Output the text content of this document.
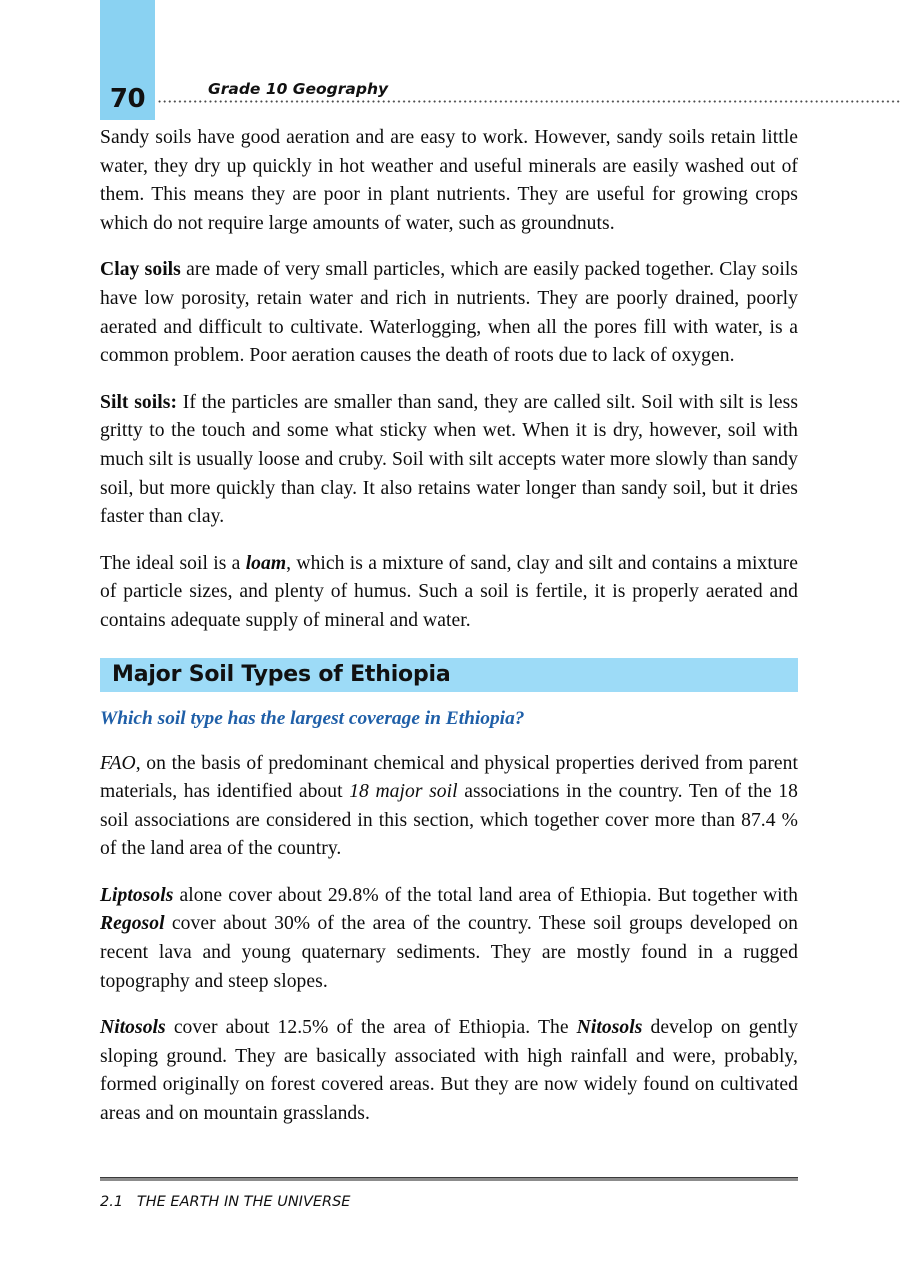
70	Grade 10 Geography

Sandy soils have good aeration and are easy to work. However, sandy soils retain little water, they dry up quickly in hot weather and useful minerals are easily washed out of them. This means they are poor in plant nutrients. They are useful for growing crops which do not require large amounts of water, such as groundnuts.

Clay soils are made of very small particles, which are easily packed together. Clay soils have low porosity, retain water and rich in nutrients. They are poorly drained, poorly aerated and difficult to cultivate. Waterlogging, when all the pores fill with water, is a common problem. Poor aeration causes the death of roots due to lack of oxygen.

Silt soils: If the particles are smaller than sand, they are called silt. Soil with silt is less gritty to the touch and some what sticky when wet. When it is dry, however, soil with much silt is usually loose and cruby. Soil with silt accepts water more slowly than sandy soil, but more quickly than clay. It also retains water longer than sandy soil, but it dries faster than clay.

The ideal soil is a loam, which is a mixture of sand, clay and silt and contains a mixture of particle sizes, and plenty of humus. Such a soil is fertile, it is properly aerated and contains adequate supply of mineral and water.

Major Soil Types of Ethiopia
Which soil type has the largest coverage in Ethiopia?

FAO, on the basis of predominant chemical and physical properties derived from parent materials, has identified about 18 major soil associations in the country. Ten of the 18 soil associations are considered in this section, which together cover more than 87.4 % of the land area of the country.

Liptosols alone cover about 29.8% of the total land area of Ethiopia. But together with Regosol cover about 30% of the area of the country. These soil groups developed on recent lava and young quaternary sediments. They are mostly found in a rugged topography and steep slopes.

Nitosols cover about 12.5% of the area of Ethiopia. The Nitosols develop on gently sloping ground. They are basically associated with high rainfall and were, probably, formed originally on forest covered areas. But they are now widely found on cultivated areas and on mountain grasslands.

2.1   THE EARTH IN THE UNIVERSE
